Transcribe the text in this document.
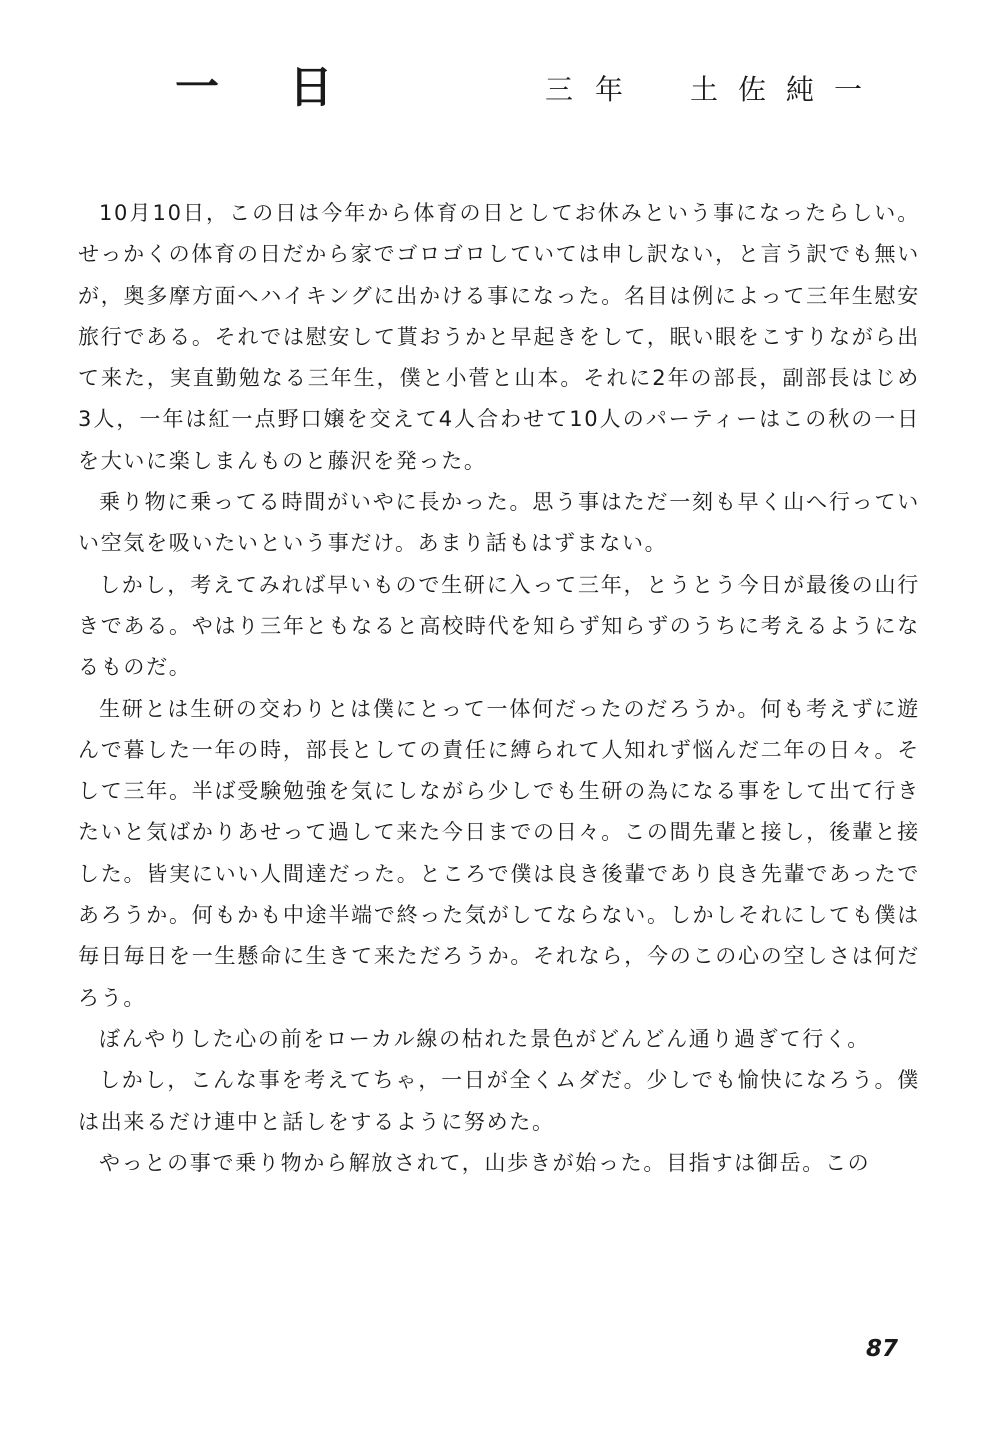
一日	三年 土佐純一

10月10日，この日は今年から体育の日としてお休みという事になったらしい。せっかくの体育の日だから家でゴロゴロしていては申し訳ない，と言う訳でも無いが，奥多摩方面へハイキングに出かける事になった。名目は例によって三年生慰安旅行である。それでは慰安して貰おうかと早起きをして，眠い眼をこすりながら出て来た，実直勤勉なる三年生，僕と小菅と山本。それに2年の部長，副部長はじめ3人，一年は紅一点野口嬢を交えて4人合わせて10人のパーティーはこの秋の一日を大いに楽しまんものと藤沢を発った。

乗り物に乗ってる時間がいやに長かった。思う事はただ一刻も早く山へ行っていい空気を吸いたいという事だけ。あまり話もはずまない。

しかし，考えてみれば早いもので生研に入って三年，とうとう今日が最後の山行きである。やはり三年ともなると高校時代を知らず知らずのうちに考えるようになるものだ。

生研とは生研の交わりとは僕にとって一体何だったのだろうか。何も考えずに遊んで暮した一年の時，部長としての責任に縛られて人知れず悩んだ二年の日々。そして三年。半ば受験勉強を気にしながら少しでも生研の為になる事をして出て行きたいと気ばかりあせって過して来た今日までの日々。この間先輩と接し，後輩と接した。皆実にいい人間達だった。ところで僕は良き後輩であり良き先輩であったであろうか。何もかも中途半端で終った気がしてならない。しかしそれにしても僕は毎日毎日を一生懸命に生きて来ただろうか。それなら，今のこの心の空しさは何だろう。

ぼんやりした心の前をローカル線の枯れた景色がどんどん通り過ぎて行く。

しかし，こんな事を考えてちゃ，一日が全くムダだ。少しでも愉快になろう。僕は出来るだけ連中と話しをするように努めた。

やっとの事で乗り物から解放されて，山歩きが始った。目指すは御岳。この

87
